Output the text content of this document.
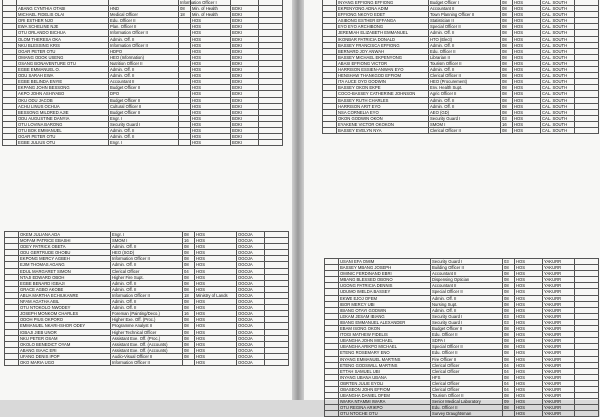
			Information Officer I			
	ABANG CYNTHIA OTABI	HND	08	Min. of Health	BOKI	
	MICHAEL FIDELIS OLAI	Medical Officer	18	Min. of Health	BOKI	
	ORI ESTHER NJO	Edu. Officer II		HOS	BOKI	
	EWA SCHELINE NJE	Plan. Officer II		HOS	BOKI	
	OTU ORLANDO BICHUA	Information Officer II		HOS	BOKI	
	OLOM THERESA OKA	Admin. Off. II		HOS	BOKI	
	NKU BLESSING KRIS	Information Officer II		HOS	BOKI	
	OGAR PETER OTU	HDPO		HOS	BOKI	
	OMANG ODOK USENG	HEO (Information)		HOS	BOKI	
	OSANG BONAVENTURE OTU	Nutrition Officer II		HOS	BOKI	
	EGBE EMMANUEL O.	Admin. Off. II		HOS	BOKI	
	ODU SARAH EWA	Admin. Off. II		HOS	BOKI	
	EGBE BELINDA ENYIE	Accountant II		HOS	BOKI	
	EKPANG JOHN BESSONG	Budget Officer II		HOS	BOKI	
	AKPO JOHN ASHIYABO	DPO		HOS	BOKI	
	OKU ODU JACOB	Budget Officer II		HOS	BOKI	
	ACHU LINUS OCHUA	Cultural Officer II		HOS	BOKI	
	BESSONG MILDRED AJIE	Budget Officer II		HOS	BOKI	
	ODU AUGUSTINE DANYIA	Engr. I		HOS	BOKI	
	OTU LOVINA BARONG	Security Guard I		HOS	BOKI	
	OTU BOK EMMANUEL	Admin. Off. II		HOS	BOKI	
	OGAR PETER OTU	Admin. Off. II		HOS	BOKI	
	EGBE JULIUS OTU	Engr. I		HOS	BOKI	
	OKEM JULIANA ADA	Engr. I	08	HOS	OGOJA	
	MOFAM PATRICE EBASHI	SMOM I	16	HOS	OGOJA	
	ODEY PATRICK OBETA	Admin. Off. II	08	HOS	OGOJA	
	ODU GERTRUDE OHOBU	HEO (SGD)	08	HOS	OGOJA	
	EKPONG MERCY AGBEH	Information Officer II	08	HOS	OGOJA	
	EJIM THOMAS AGANG	Admin. Off. II	08	HOS	OGOJA	
	EDUL MARGARET SIMON	Clerical Officer	04	HOS	OGOJA	
	NTAJI EDWARD OBOH	Higher Fire Supt.	08	HOS	OGOJA	
	EGBE BENARD IGBAJI	Admin. Off. II	08	HOS	OGOJA	
	GRACE AGBO AKOBE	Admin. Off. II	08	HOS	OGOJA	
	ABUA MARTHA ECHIUKANRE	Information Officer II	18	Ministry of Lands	OGOJA	
	NFAM AGATHA ABIL	Admin. Off. II	08	HOS	OGOJA	
	OTU NTOKOLO NWODEY	Admin. Off. II	08	HOS	OGOJA	
	JOSEPH MONKOM CHARLES	Foreman (Painting/Deco.)	16	HOS	OGOJA	
	ODOH PIUS OKPORO	Higher Exe. Off. (Proc.)	08	HOS	OGOJA	
	EMMANUEL NKARI-ISHOR ODEY	Programme Analyst II	08	HOS	OGOJA	
	IGBAJI JIEB UNOR	Higher Technical Officer	08	HOS	OGOJA	
	NKU PETER OSAM	Assistant Exe. Off. (Proc.)	08	HOS	OGOJA	
	OKOLO BENEDICT OYAM	Assistant Exe. Off. (Accounts)	08	HOS	OGOJA	
	ABANG ISAAC ERI	Assistant Exe. Off. (Accounts)	08	HOS	OGOJA	
	UFANG DENIS IPOP	Audio-Visual Officer II	08	HOS	OGOJA	
	OKO MARIA UGO	Information Officer II		HOS	OGOJA	
	INYANG EFFIONG EFFIONG	Budget Officer I	08	HOS	CAL. SOUTH	
	EKPENYONG ADNA ADIM	Accountant II	08	HOS	CAL. SOUTH	
	EFFIONG NKOYO EDET	Town Planning Officer II	08	HOS	CAL. SOUTH	
	ASIBONG ESTHER EFFANGA	Statistician II	08	HOS	CAL. SOUTH	
	EYO EYO ARCHIBONG	Special Officer II	08	HOS	CAL. SOUTH	
	JEREMIAH ELIZABETH EMMANUEL	Admin. Off. II	08	HOS	CAL. SOUTH	
	IKONBAR PATRICIA DONALD	HTO (Elect)	08	HOS	CAL. SOUTH	
	BASSEY FRANCISCA EFFIONG	Admin. Off. II	08	HOS	CAL. SOUTH	
	BERNARD JOY ANWAH	Edu. Officer II	08	HOS	CAL. SOUTH	
	BASSEY MICHAEL EKPENYONG	Librarian II	08	HOS	CAL. SOUTH	
	ABASI EFFIONG VICTOR	Tourism Officer II	08	HOS	CAL. SOUTH	
	HARRISON ESSIEN-ANWAN EYO	Admin. Off. II	08	HOS	CAL. SOUTH	
	HENSHAW THANKGOD EFFIOM	Clerical Officer II	08	HOS	CAL. SOUTH	
	ITA AUCE OYO GODWIN	HEO (Procurement)	08	HOS	CAL. SOUTH	
	BASSEY OKON EKPE	Env. Health Supt.	08	HOS	CAL. SOUTH	
	COCO-BASSEY CATHERINE JOHNSON	Agric Officer II	08	HOS	CAL. SOUTH	
	BASSEY RUTH CHARLES	Admin. Off. II	08	HOS	CAL. SOUTH	
	HARRISON ARIT EYO	Admin. Off. II	08	HOS	CAL. SOUTH	
	NSA CORNELIA EYO	AEO (GD)	08	HOS	CAL. SOUTH	
	OKON GODWIN OKON	Security Guard I	03	HOS	CAL. SOUTH	
	EYAKENE VICTOR OKOKON	SMOM I	16	HOS	CAL. SOUTH	
	BASSEY EVELYN NYA	Clerical Officer II	08	HOS	CAL. SOUTH	
	USANI EFA OMIM	Security Guard I	03	HOS	YAKURR	
	BASSEY MBANG JOSEPH	Building Officer II	08	HOS	YAKURR	
	OMINIC FERDINAND EBRI	Accountant II	08	HOS	YAKURR	
	MBANG BLESSED OBONO	Dispensing Optician	08	HOS	YAKURR	
	UGONG PATRICIA DENNIS	Accountant II	08	HOS	YAKURR	
	UDUMO IMELDA BASSEY	Special Officer II	08	HOS	YAKURR	
	EKWE EJOJ OFEM	Admin. Off. II	08	HOS	YAKURR	
	IBOR MERCY UBI	Nursing Supt.	08	HOS	YAKURR	
	IBIANG OTAYI GODWIN	Admin. Off. II	08	HOS	YAKURR	
	LEKAM JESAM IBIANG	Security Guard I	03	HOS	YAKURR	
	IBIANG EMMANUEL ALEXANDER	Security Guard I	03	HOS	YAKURR	
	EBAM ISONG OKON	Budget Officer II	08	HOS	YAKURR	
	ITOGI MATHEW FIDELIS	Edu. Officer II	08	HOS	YAKURR	
	UBANGHA JOHN MICHAEL	SDPA I	08	HOS	YAKURR	
	UBANGHA ARIKPO MICHAEL	Special Officer II	08	HOS	YAKURR	
	ETENG ROSEMARY ENO	Edu. Officer II	08	HOS	YAKURR	
	INYANG EMMANUEL MARTINS	Fire Officer II	08	HOS	YAKURR	
	ETENG GODSWILL MARTINS	Clerical Officer	04	HOS	YAKURR	
	ETTAH SAMUEL UBI	Clerical Officer	04	HOS	YAKURR	
	INYANG UBANA UBANA	HFS	08	HOS	YAKURR	
	OBRTEN JULIE EYOLI	Clerical Officer	04	HOS	YAKURR	
	OBASEON JOHN EFFIOM	Clerical Officer	04	HOS	YAKURR	
	UBANGHA DANIEL OFEM	Tourism Officer II	08	HOS	YAKURR	
	IWARA NTAMMI IWARA	Senior Medical Laboratory	09	HOS	YAKURR	
	OTU REGINA ARIKPO	Edu. Officer II	08	HOS	YAKURR	
	OTU NTOCHE OTU	Survey Draughtsman		HOS	YAKURR	
